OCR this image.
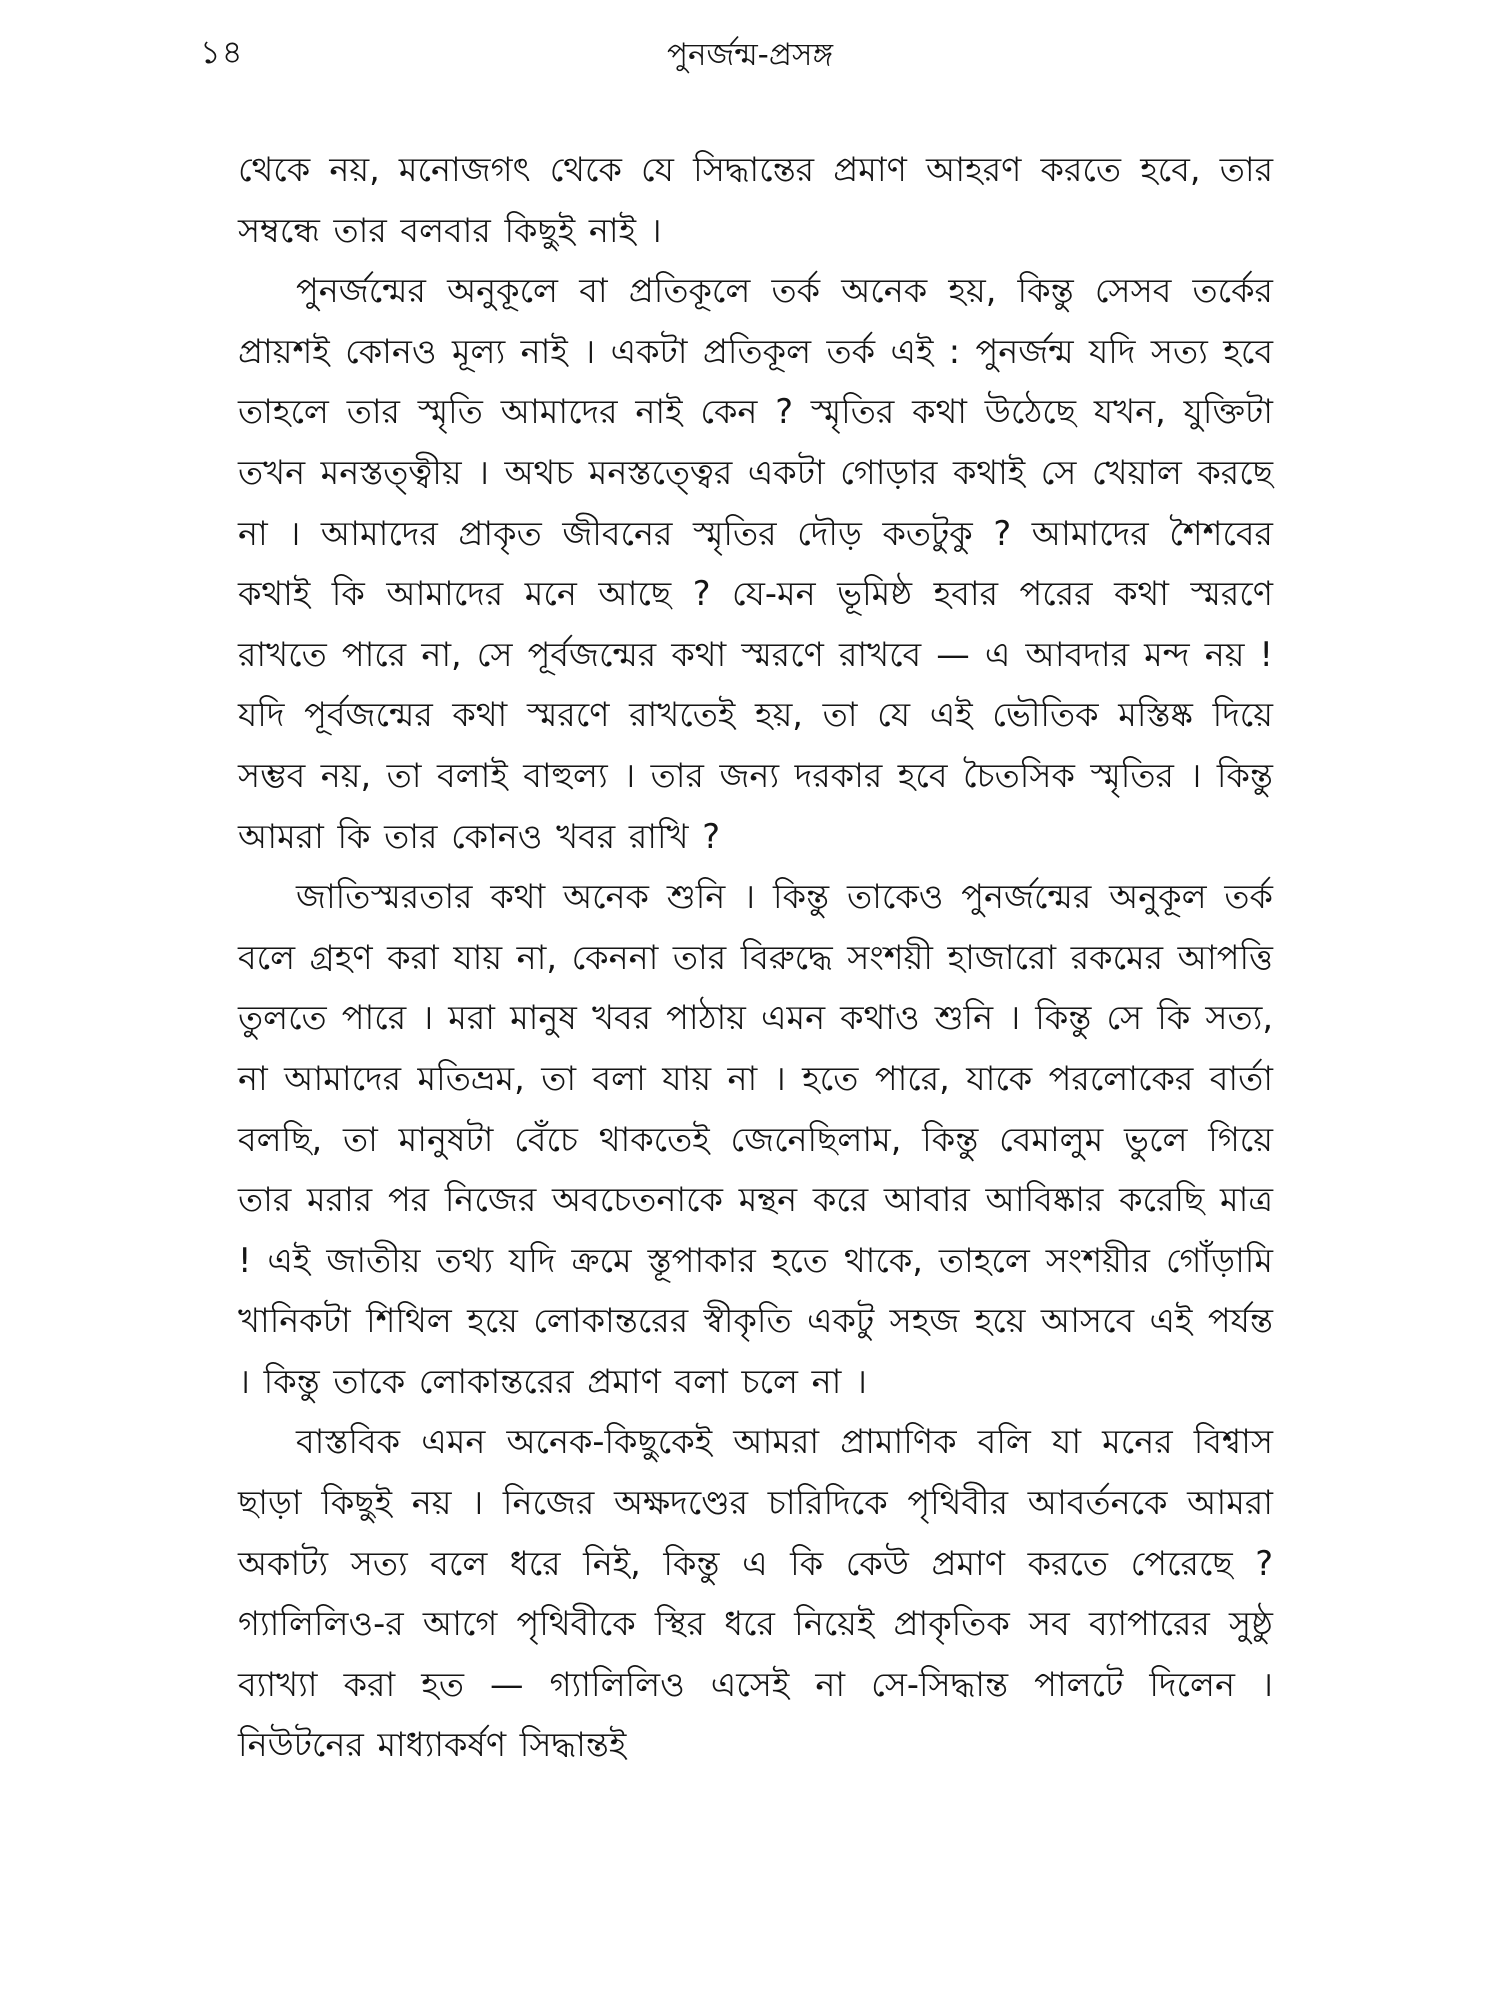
১৪	পুনর্জন্ম-প্রসঙ্গ

থেকে নয়, মনোজগৎ থেকে যে সিদ্ধান্তের প্রমাণ আহরণ করতে হবে, তার সম্বন্ধে তার বলবার কিছুই নাই ।

পুনর্জন্মের অনুকূলে বা প্রতিকূলে তর্ক অনেক হয়, কিন্তু সেসব তর্কের প্রায়শই কোনও মূল্য নাই । একটা প্রতিকূল তর্ক এই : পুনর্জন্ম যদি সত্য হবে তাহলে তার স্মৃতি আমাদের নাই কেন ? স্মৃতির কথা উঠেছে যখন, যুক্তিটা তখন মনস্তত্ত্বীয় । অথচ মনস্তত্ত্বের একটা গোড়ার কথাই সে খেয়াল করছে না । আমাদের প্রাকৃত জীবনের স্মৃতির দৌড় কতটুকু ? আমাদের শৈশবের কথাই কি আমাদের মনে আছে ? যে-মন ভূমিষ্ঠ হবার পরের কথা স্মরণে রাখতে পারে না, সে পূর্বজন্মের কথা স্মরণে রাখবে — এ আবদার মন্দ নয় ! যদি পূর্বজন্মের কথা স্মরণে রাখতেই হয়, তা যে এই ভৌতিক মস্তিষ্ক দিয়ে সম্ভব নয়, তা বলাই বাহুল্য । তার জন্য দরকার হবে চৈতসিক স্মৃতির । কিন্তু আমরা কি তার কোনও খবর রাখি ?

জাতিস্মরতার কথা অনেক শুনি । কিন্তু তাকেও পুনর্জন্মের অনুকূল তর্ক বলে গ্রহণ করা যায় না, কেননা তার বিরুদ্ধে সংশয়ী হাজারো রকমের আপত্তি তুলতে পারে । মরা মানুষ খবর পাঠায় এমন কথাও শুনি । কিন্তু সে কি সত্য, না আমাদের মতিভ্রম, তা বলা যায় না । হতে পারে, যাকে পরলোকের বার্তা বলছি, তা মানুষটা বেঁচে থাকতেই জেনেছিলাম, কিন্তু বেমালুম ভুলে গিয়ে তার মরার পর নিজের অবচেতনাকে মন্থন করে আবার আবিষ্কার করেছি মাত্র ! এই জাতীয় তথ্য যদি ক্রমে স্তূপাকার হতে থাকে, তাহলে সংশয়ীর গোঁড়ামি খানিকটা শিথিল হয়ে লোকান্তরের স্বীকৃতি একটু সহজ হয়ে আসবে এই পর্যন্ত । কিন্তু তাকে লোকান্তরের প্রমাণ বলা চলে না ।

বাস্তবিক এমন অনেক-কিছুকেই আমরা প্রামাণিক বলি যা মনের বিশ্বাস ছাড়া কিছুই নয় । নিজের অক্ষদণ্ডের চারিদিকে পৃথিবীর আবর্তনকে আমরা অকাট্য সত্য বলে ধরে নিই, কিন্তু এ কি কেউ প্রমাণ করতে পেরেছে ? গ্যালিলিও-র আগে পৃথিবীকে স্থির ধরে নিয়েই প্রাকৃতিক সব ব্যাপারের সুষ্ঠু ব্যাখ্যা করা হত — গ্যালিলিও এসেই না সে-সিদ্ধান্ত পালটে দিলেন । নিউটনের মাধ্যাকর্ষণ সিদ্ধান্তই
